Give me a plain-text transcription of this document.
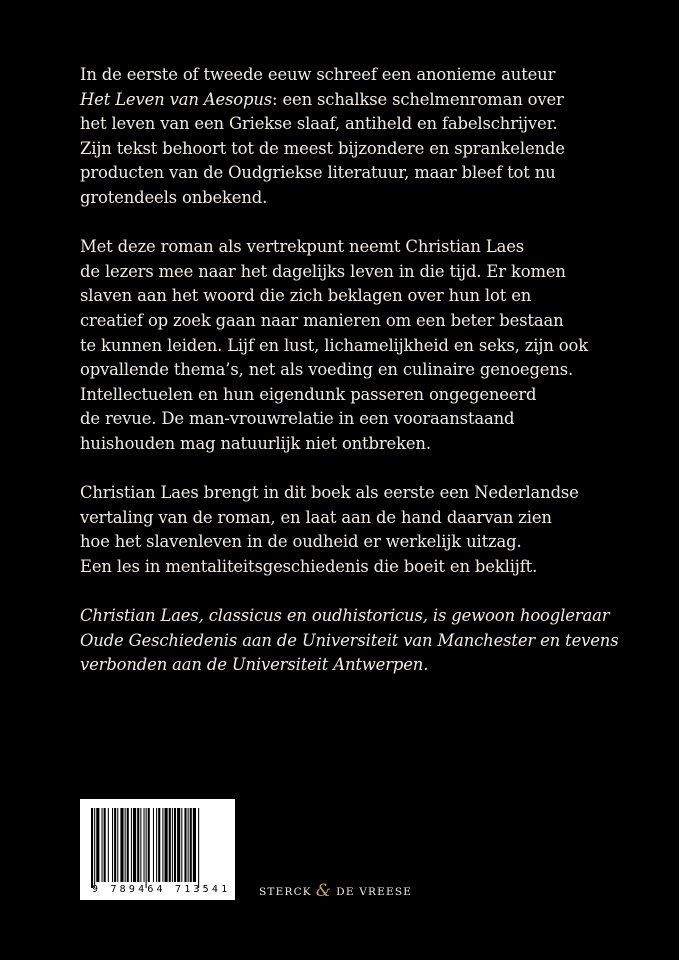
In de eerste of tweede eeuw schreef een anonieme auteur
Het Leven van Aesopus: een schalkse schelmenroman over
het leven van een Griekse slaaf, antiheld en fabelschrijver.
Zijn tekst behoort tot de meest bijzondere en sprankelende
producten van de Oudgriekse literatuur, maar bleef tot nu
grotendeels onbekend.

Met deze roman als vertrekpunt neemt Christian Laes
de lezers mee naar het dagelijks leven in die tijd. Er komen
slaven aan het woord die zich beklagen over hun lot en
creatief op zoek gaan naar manieren om een beter bestaan
te kunnen leiden. Lijf en lust, lichamelijkheid en seks, zijn ook
opvallende thema’s, net als voeding en culinaire genoegens.
Intellectuelen en hun eigendunk passeren ongegeneerd
de revue. De man-vrouwrelatie in een vooraanstaand
huishouden mag natuurlijk niet ontbreken.

Christian Laes brengt in dit boek als eerste een Nederlandse
vertaling van de roman, en laat aan de hand daarvan zien
hoe het slavenleven in de oudheid er werkelijk uitzag.
Een les in mentaliteitsgeschiedenis die boeit en beklijft.

Christian Laes, classicus en oudhistoricus, is gewoon hoogleraar
Oude Geschiedenis aan de Universiteit van Manchester en tevens
verbonden aan de Universiteit Antwerpen.

9 789464 713541	STERCK & DE VREESE
